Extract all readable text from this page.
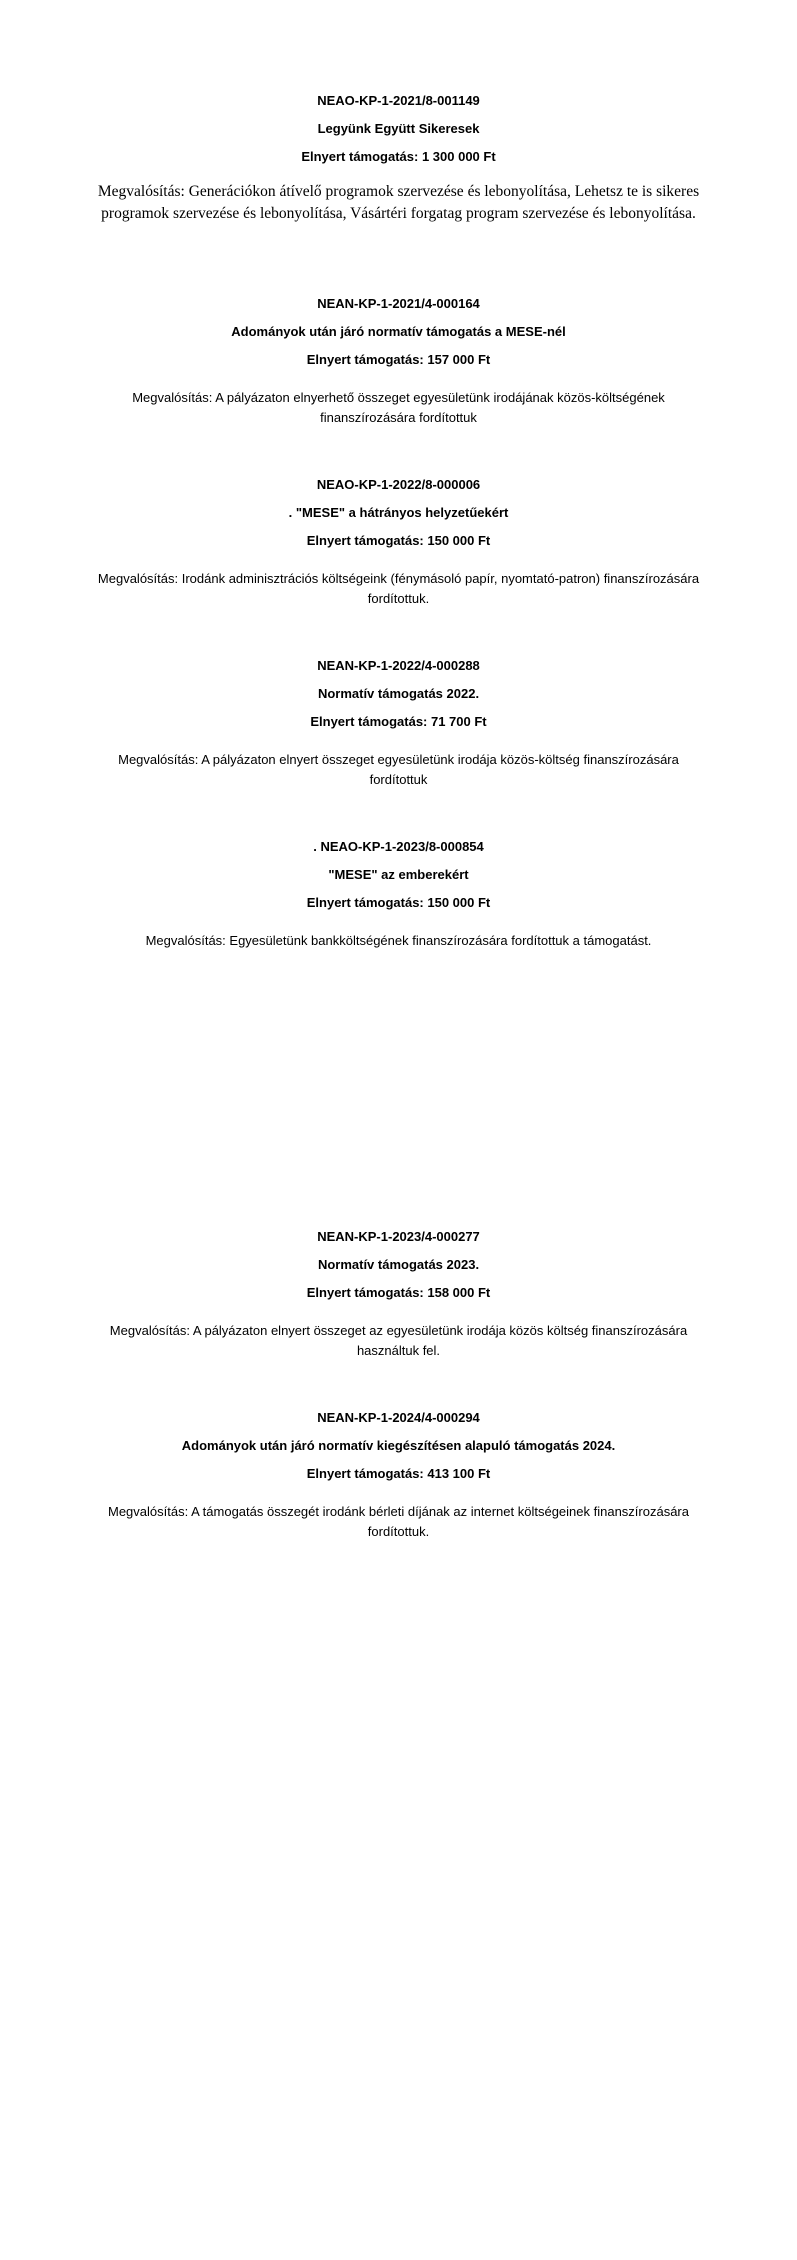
NEAO-KP-1-2021/8-001149

Legyünk Együtt Sikeresek

Elnyert támogatás: 1 300 000 Ft

Megvalósítás: Generációkon átívelő programok szervezése és lebonyolítása, Lehetsz te is sikeres programok szervezése és lebonyolítása, Vásártéri forgatag program szervezése és lebonyolítása.

NEAN-KP-1-2021/4-000164

Adományok után járó normatív támogatás a MESE-nél

Elnyert támogatás: 157 000 Ft

Megvalósítás: A pályázaton elnyerhető összeget egyesületünk irodájának közös-költségének finanszírozására fordítottuk

NEAO-KP-1-2022/8-000006

. "MESE" a hátrányos helyzetűekért

Elnyert támogatás: 150 000 Ft

Megvalósítás: Irodánk adminisztrációs költségeink (fénymásoló papír, nyomtató-patron) finanszírozására fordítottuk.

NEAN-KP-1-2022/4-000288

Normatív támogatás 2022.

Elnyert támogatás: 71 700 Ft

Megvalósítás: A pályázaton elnyert összeget egyesületünk irodája közös-költség finanszírozására fordítottuk

. NEAO-KP-1-2023/8-000854

"MESE" az emberekért

Elnyert támogatás: 150 000 Ft

Megvalósítás: Egyesületünk bankköltségének finanszírozására fordítottuk a támogatást.

NEAN-KP-1-2023/4-000277

Normatív támogatás 2023.

Elnyert támogatás: 158 000 Ft

Megvalósítás: A pályázaton elnyert összeget az egyesületünk irodája közös költség finanszírozására használtuk fel.

NEAN-KP-1-2024/4-000294

Adományok után járó normatív kiegészítésen alapuló támogatás 2024.

Elnyert támogatás: 413 100 Ft

Megvalósítás: A támogatás összegét irodánk bérleti díjának az internet költségeinek finanszírozására fordítottuk.
